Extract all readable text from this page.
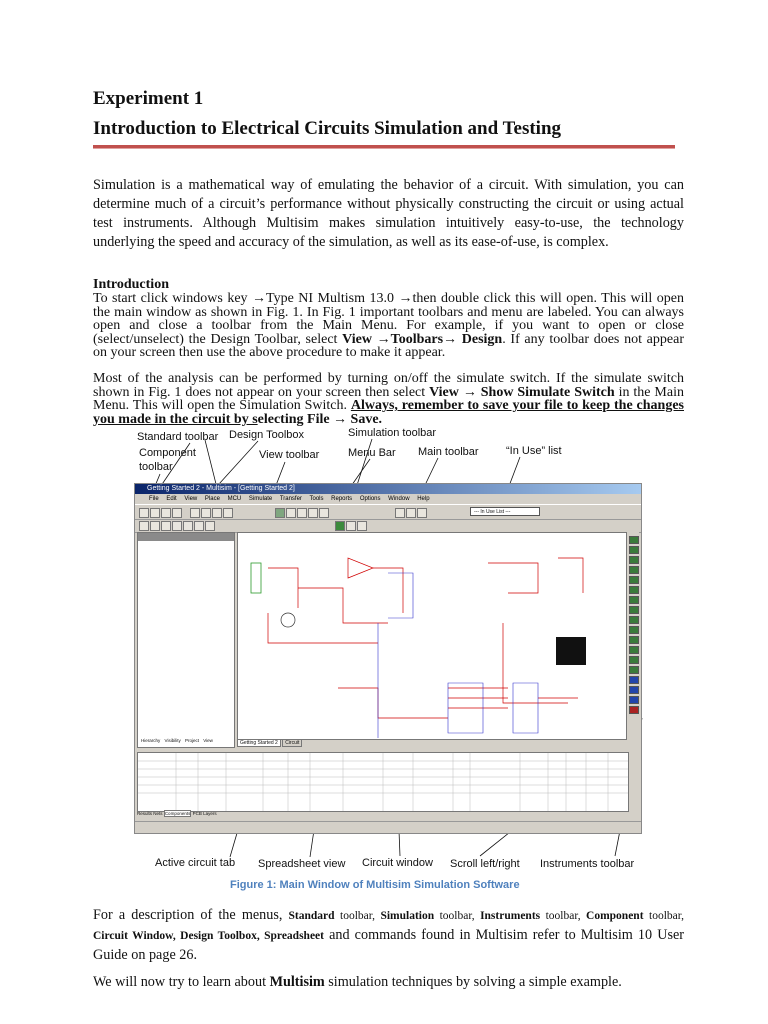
Experiment 1
Introduction to Electrical Circuits Simulation and Testing
Simulation is a mathematical way of emulating the behavior of a circuit. With simulation, you can determine much of a circuit’s performance without physically constructing the circuit or using actual test instruments. Although Multisim makes simulation intuitively easy-to-use, the technology underlying the speed and accuracy of the simulation, as well as its ease-of-use, is complex.
Introduction
To start click windows key →Type NI Multism 13.0 →then double click this will open. This will open the main window as shown in Fig. 1. In Fig. 1 important toolbars and menu are labeled. You can always open and close a toolbar from the Main Menu. For example, if you want to open or close (select/unselect) the Design Toolbar, select View →Toolbars→ Design. If any toolbar does not appear on your screen then use the above procedure to make it appear.
Most of the analysis can be performed by turning on/off the simulate switch. If the simulate switch shown in Fig. 1 does not appear on your screen then select View → Show Simulate Switch in the Main Menu. This will open the Simulation Switch. Always, remember to save your file to keep the changes you made in the circuit by selecting File → Save.
Standard toolbar Design Toolbox	Simulation toolbar
Component
toolbar
View toolbar	Menu Bar Main toolbar “In Use” list
Getting Started 2 - Multisim - [Getting Started 2]
File Edit View Place MCU Simulate Transfer Tools Reports Options Window Help
--- In Use List ---
Hierarchy Visibility Project View	Getting Started 2 Circuit
Results Nets Components PCB Layers
Active circuit tab Spreadsheet view Circuit window Scroll left/right Instruments toolbar
Figure 1: Main Window of Multisim Simulation Software
For a description of the menus, Standard toolbar, Simulation toolbar, Instruments toolbar, Component toolbar, Circuit Window, Design Toolbox, Spreadsheet and commands found in Multisim refer to Multisim 10 User Guide on page 26.
We will now try to learn about Multisim simulation techniques by solving a simple example.
